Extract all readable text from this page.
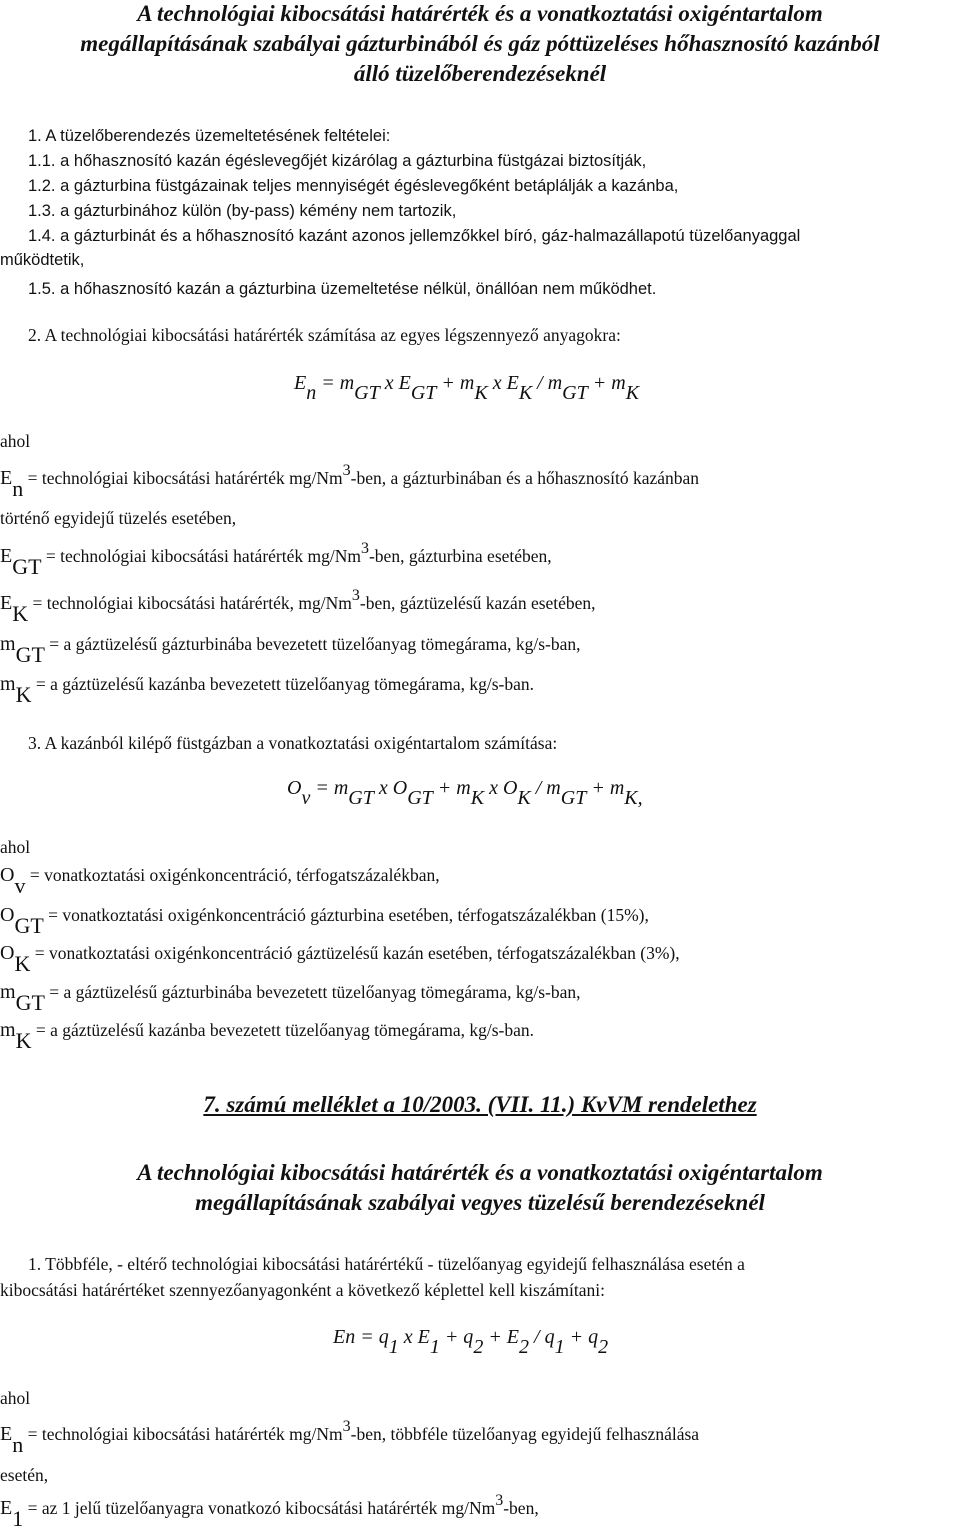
A technológiai kibocsátási határérték és a vonatkoztatási oxigéntartalom
megállapításának szabályai gázturbinából és gáz póttüzeléses hőhasznosító kazánból
álló tüzelőberendezéseknél
1. A tüzelőberendezés üzemeltetésének feltételei:
1.1. a hőhasznosító kazán égéslevegőjét kizárólag a gázturbina füstgázai biztosítják,
1.2. a gázturbina füstgázainak teljes mennyiségét égéslevegőként betáplálják a kazánba,
1.3. a gázturbinához külön (by-pass) kémény nem tartozik,
1.4. a gázturbinát és a hőhasznosító kazánt azonos jellemzőkkel bíró, gáz-halmazállapotú tüzelőanyaggal
működtetik,
1.5. a hőhasznosító kazán a gázturbina üzemeltetése nélkül, önállóan nem működhet.
2. A technológiai kibocsátási határérték számítása az egyes légszennyező anyagokra:
$E_n = m_{GT}$ x $E_{GT} + m_K$ x $E_K / m_{GT} + m_K$
ahol
$E_n$ = technológiai kibocsátási határérték mg/Nm$^3$-ben, a gázturbinában és a hőhasznosító kazánban
történő egyidejű tüzelés esetében,
$E_{GT}$ = technológiai kibocsátási határérték mg/Nm$^3$-ben, gázturbina esetében,
$E_K$ = technológiai kibocsátási határérték, mg/Nm$^3$-ben, gáztüzelésű kazán esetében,
$m_{GT} = a$ gáztüzelésű gázturbinába bevezetett tüzelőanyag tömegárama, kg/s-ban,
$m_K = a$ gáztüzelésű kazánba bevezetett tüzelőanyag tömegárama, kg/s-ban.
3. A kazánból kilépő füstgázban a vonatkoztatási oxigéntartalom számítása:
$O_v = m_{GT}$ x $O_{GT} + m_K$ x $O_K / m_{GT} + m_{K,}$
ahol
$O_v$ = vonatkoztatási oxigénkoncentráció, térfogatszázalékban,
$O_{GT}$ = vonatkoztatási oxigénkoncentráció gázturbina esetében, térfogatszázalékban (15%),
$O_K$ = vonatkoztatási oxigénkoncentráció gáztüzelésű kazán esetében, térfogatszázalékban (3%),
$m_{GT} = a$ gáztüzelésű gázturbinába bevezetett tüzelőanyag tömegárama, kg/s-ban,
$m_K = a$ gáztüzelésű kazánba bevezetett tüzelőanyag tömegárama, kg/s-ban.
7. számú melléklet a 10/2003. (VII. 11.) KvVM rendelethez
A technológiai kibocsátási határérték és a vonatkoztatási oxigéntartalom
megállapításának szabályai vegyes tüzelésű berendezéseknél
1. Többféle, - eltérő technológiai kibocsátási határértékű - tüzelőanyag egyidejű felhasználása esetén a
kibocsátási határértéket szennyezőanyagonként a következő képlettel kell kiszámítani:
$En = q_1$ x $E_1 + q_2 + E_2 / q_1 + q_2$
ahol
$E_n$ = technológiai kibocsátási határérték mg/Nm$^3$-ben, többféle tüzelőanyag egyidejű felhasználása
esetén,
$E_1$ = az 1 jelű tüzelőanyagra vonatkozó kibocsátási határérték mg/Nm$^3$-ben,
